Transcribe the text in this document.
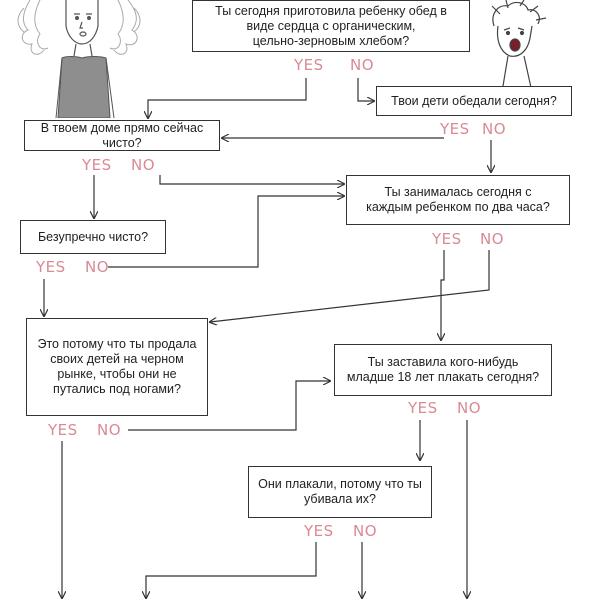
Ты сегодня приготовила ребенку обед в
виде сердца с органическим,
цельно-зерновым хлебом?
Твои дети обедали сегодня?
В твоем доме прямо сейчас
чисто?
Ты занималась сегодня с
каждым ребенком по два часа?
Безупречно чисто?
Это потому что ты продала
своих детей на черном
рынке, чтобы они не
путались под ногами?
Ты заставила кого-нибудь
младше 18 лет плакать сегодня?
Они плакали, потому что ты
убивала их?
YES NO
YES NO
YES NO
YES NO
YES NO
YES NO
YES NO
YES NO
